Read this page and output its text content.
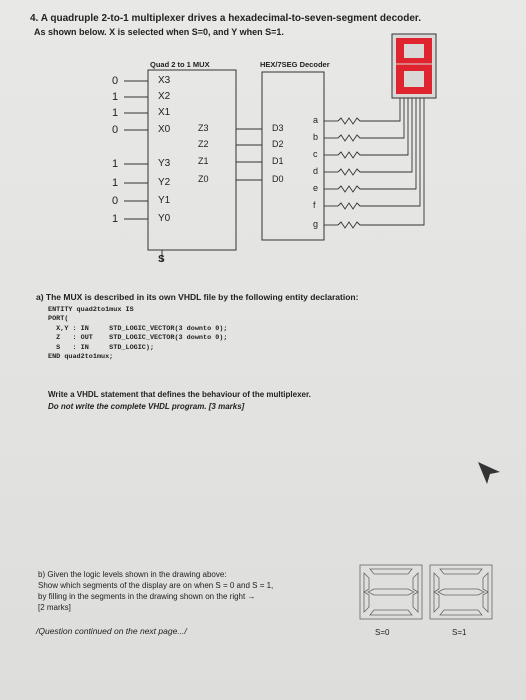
4. A quadruple 2-to-1 multiplexer drives a hexadecimal-to-seven-segment decoder.
As shown below. X is selected when S=0, and Y when S=1.
Quad 2 to 1 MUX	HEX/7SEG Decoder
0
1
1
0
1
1
0
1
X3
X2
X1
X0
Y3
Y2
Y1
Y0
Z3
Z2
Z1
Z0
D3
D2
D1
D0
a
b
c
d
e
f
g
S
a) The MUX is described in its own VHDL file by the following entity declaration:
ENTITY quad2to1mux IS
PORT(
X,Y : IN     STD_LOGIC_VECTOR(3 downto 0);
Z   : OUT    STD_LOGIC_VECTOR(3 downto 0);
S   : IN     STD_LOGIC);
END quad2to1mux;
Write a VHDL statement that defines the behaviour of the multiplexer.
Do not write the complete VHDL program. [3 marks]
b) Given the logic levels shown in the drawing above:
Show which segments of the display are on when S = 0 and S = 1,
by filling in the segments in the drawing shown on the right →
[2 marks]
S=0	S=1
/Question continued on the next page.../
